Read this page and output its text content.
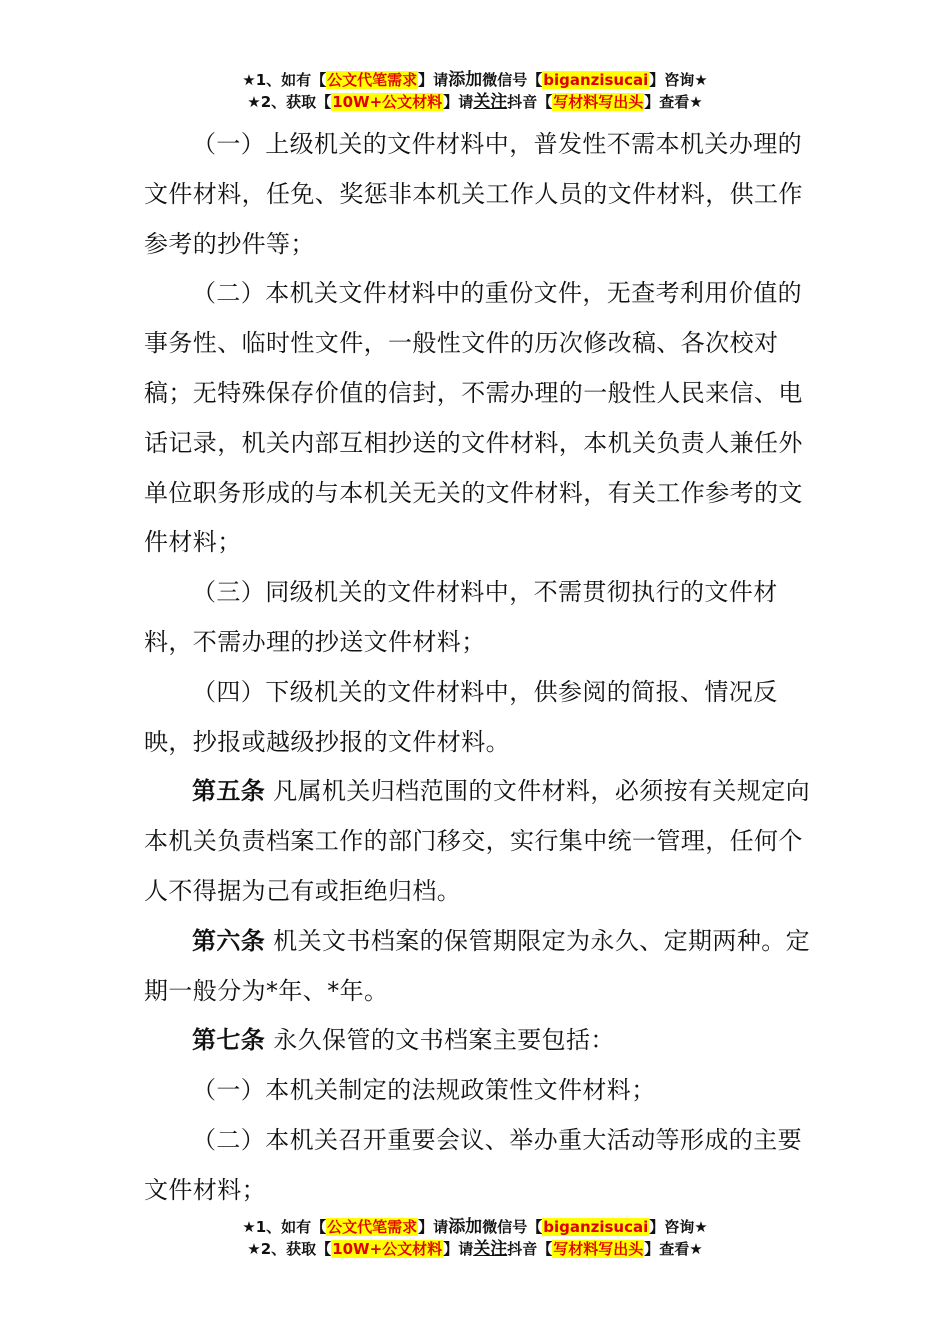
★1、如有【公文代笔需求】请添加微信号【biganzisucai】咨询★
★2、获取【10W+公文材料】请关注抖音【写材料写出头】查看★

（一）上级机关的文件材料中，普发性不需本机关办理的文件材料，任免、奖惩非本机关工作人员的文件材料，供工作参考的抄件等；

（二）本机关文件材料中的重份文件，无查考利用价值的事务性、临时性文件，一般性文件的历次修改稿、各次校对稿；无特殊保存价值的信封，不需办理的一般性人民来信、电话记录，机关内部互相抄送的文件材料，本机关负责人兼任外单位职务形成的与本机关无关的文件材料，有关工作参考的文件材料；

（三）同级机关的文件材料中，不需贯彻执行的文件材料，不需办理的抄送文件材料；

（四）下级机关的文件材料中，供参阅的简报、情况反映，抄报或越级抄报的文件材料。

第五条 凡属机关归档范围的文件材料，必须按有关规定向本机关负责档案工作的部门移交，实行集中统一管理，任何个人不得据为己有或拒绝归档。

第六条 机关文书档案的保管期限定为永久、定期两种。定期一般分为*年、*年。

第七条 永久保管的文书档案主要包括：

（一）本机关制定的法规政策性文件材料；

（二）本机关召开重要会议、举办重大活动等形成的主要文件材料；

★1、如有【公文代笔需求】请添加微信号【biganzisucai】咨询★
★2、获取【10W+公文材料】请关注抖音【写材料写出头】查看★
